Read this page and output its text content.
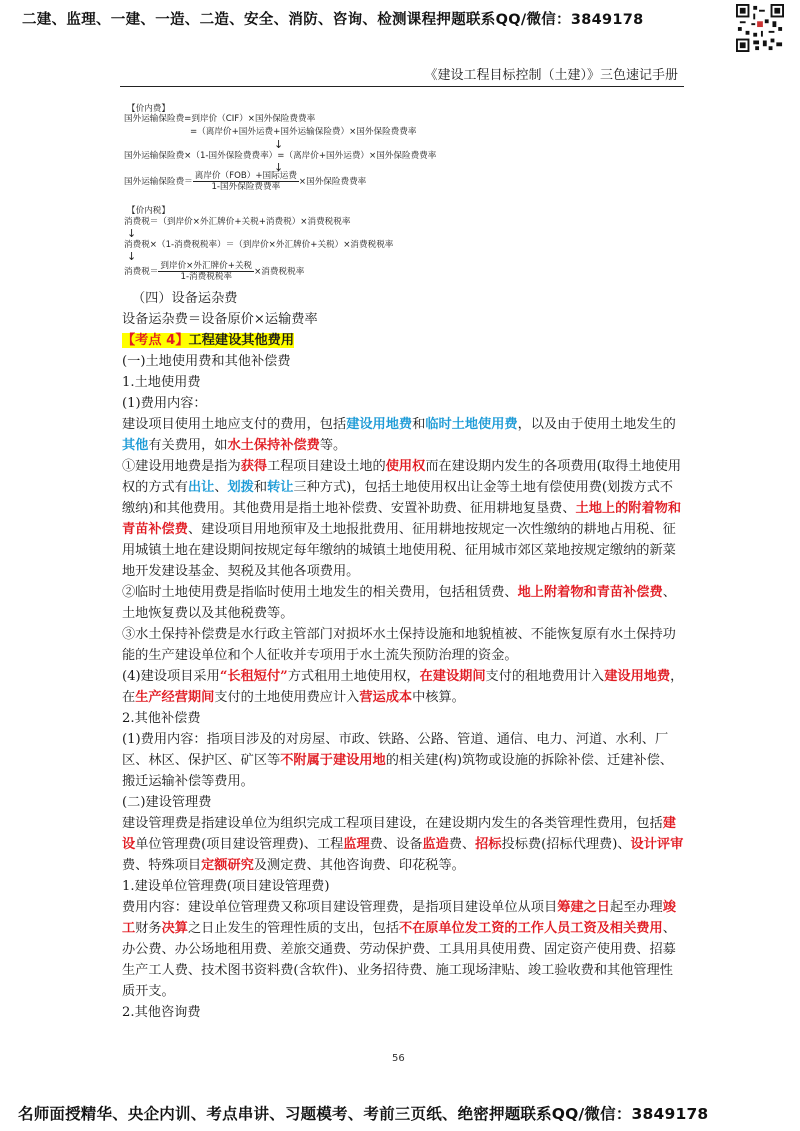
二建、监理、一建、一造、二造、安全、消防、咨询、检测课程押题联系QQ/微信：3849178
《建设工程目标控制（土建）》三色速记手册
【价内费】
国外运输保险费=到岸价（CIF）×国外保险费费率
=（离岸价+国外运费+国外运输保险费）×国外保险费费率
↓
国外运输保险费×（1-国外保险费费率）=（离岸价+国外运费）×国外保险费费率
↓
国外运输保险费＝ $\frac{\text{离岸价（FOB）+国际运费}}{\text{1-国外保险费费率}}$ ×国外保险费费率
【价内税】
消费税＝（到岸价×外汇牌价+关税+消费税）×消费税税率
↓
消费税×（1-消费税税率）＝（到岸价×外汇牌价+关税）×消费税税率
↓
消费税＝ $\frac{\text{到岸价×外汇牌价+关税}}{\text{1-消费税税率}}$ ×消费税税率

（四）设备运杂费

设备运杂费＝设备原价×运输费率

【考点 4】工程建设其他费用

(一)土地使用费和其他补偿费

1.土地使用费

(1)费用内容：

建设项目使用土地应支付的费用，包括建设用地费和临时土地使用费，以及由于使用土地发生的其他有关费用，如水土保持补偿费等。

①建设用地费是指为获得工程项目建设土地的使用权而在建设期内发生的各项费用(取得土地使用权的方式有出让、划拨和转让三种方式)，包括土地使用权出让金等土地有偿使用费(划拨方式不缴纳)和其他费用。其他费用是指土地补偿费、安置补助费、征用耕地复垦费、土地上的附着物和青苗补偿费、建设项目用地预审及土地报批费用、征用耕地按规定一次性缴纳的耕地占用税、征用城镇土地在建设期间按规定每年缴纳的城镇土地使用税、征用城市郊区菜地按规定缴纳的新菜地开发建设基金、契税及其他各项费用。

②临时土地使用费是指临时使用土地发生的相关费用，包括租赁费、地上附着物和青苗补偿费、土地恢复费以及其他税费等。

③水土保持补偿费是水行政主管部门对损坏水土保持设施和地貌植被、不能恢复原有水土保持功能的生产建设单位和个人征收并专项用于水土流失预防治理的资金。

(4)建设项目采用“长租短付”方式租用土地使用权，在建设期间支付的租地费用计入建设用地费，在生产经营期间支付的土地使用费应计入营运成本中核算。

2.其他补偿费

(1)费用内容：指项目涉及的对房屋、市政、铁路、公路、管道、通信、电力、河道、水利、厂区、林区、保护区、矿区等不附属于建设用地的相关建(构)筑物或设施的拆除补偿、迁建补偿、搬迁运输补偿等费用。

(二)建设管理费

建设管理费是指建设单位为组织完成工程项目建设，在建设期内发生的各类管理性费用，包括建设单位管理费(项目建设管理费)、工程监理费、设备监造费、招标投标费(招标代理费)、设计评审费、特殊项目定额研究及测定费、其他咨询费、印花税等。

1.建设单位管理费(项目建设管理费)

费用内容：建设单位管理费又称项目建设管理费，是指项目建设单位从项目筹建之日起至办理竣工财务决算之日止发生的管理性质的支出，包括不在原单位发工资的工作人员工资及相关费用、办公费、办公场地租用费、差旅交通费、劳动保护费、工具用具使用费、固定资产使用费、招募生产工人费、技术图书资料费(含软件)、业务招待费、施工现场津贴、竣工验收费和其他管理性质开支。

2.其他咨询费

56
名师面授精华、央企内训、考点串讲、习题模考、考前三页纸、绝密押题联系QQ/微信：3849178
